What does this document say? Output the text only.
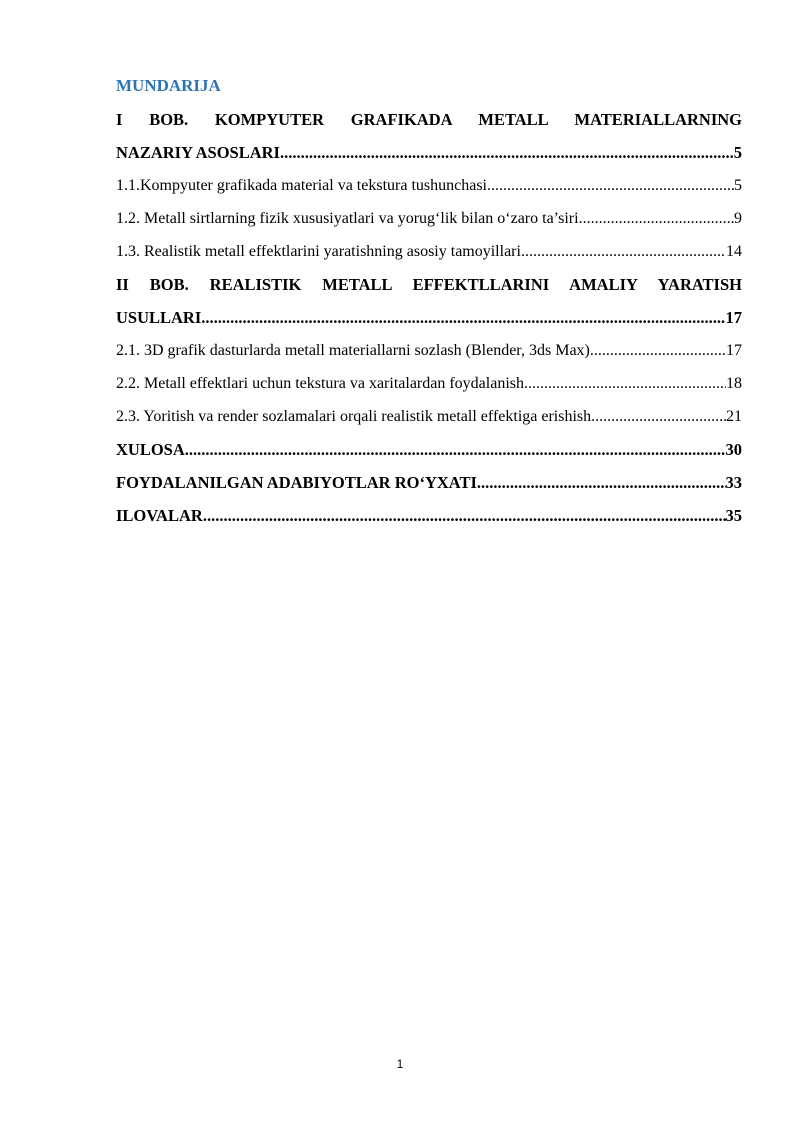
MUNDARIJA
I BOB. KOMPYUTER GRAFIKADA METALL MATERIALLARNING
NAZARIY ASOSLARI .....	5
1.1.Kompyuter grafikada material va tekstura tushunchasi .....	5
1.2. Metall sirtlarning fizik xususiyatlari va yorug‘lik bilan o‘zaro ta’siri .....	9
1.3. Realistik metall effektlarini yaratishning asosiy tamoyillari .....	14
II BOB. REALISTIK METALL EFFEKTLLARINI AMALIY YARATISH
USULLARI .....	17
2.1. 3D grafik dasturlarda metall materiallarni sozlash (Blender, 3ds Max) .....	17
2.2. Metall effektlari uchun tekstura va xaritalardan foydalanish .....	18
2.3. Yoritish va render sozlamalari orqali realistik metall effektiga erishish .....	21
XULOSA .....	30
FOYDALANILGAN ADABIYOTLAR RO‘YXATI .....	33
ILOVALAR .....	35
1
